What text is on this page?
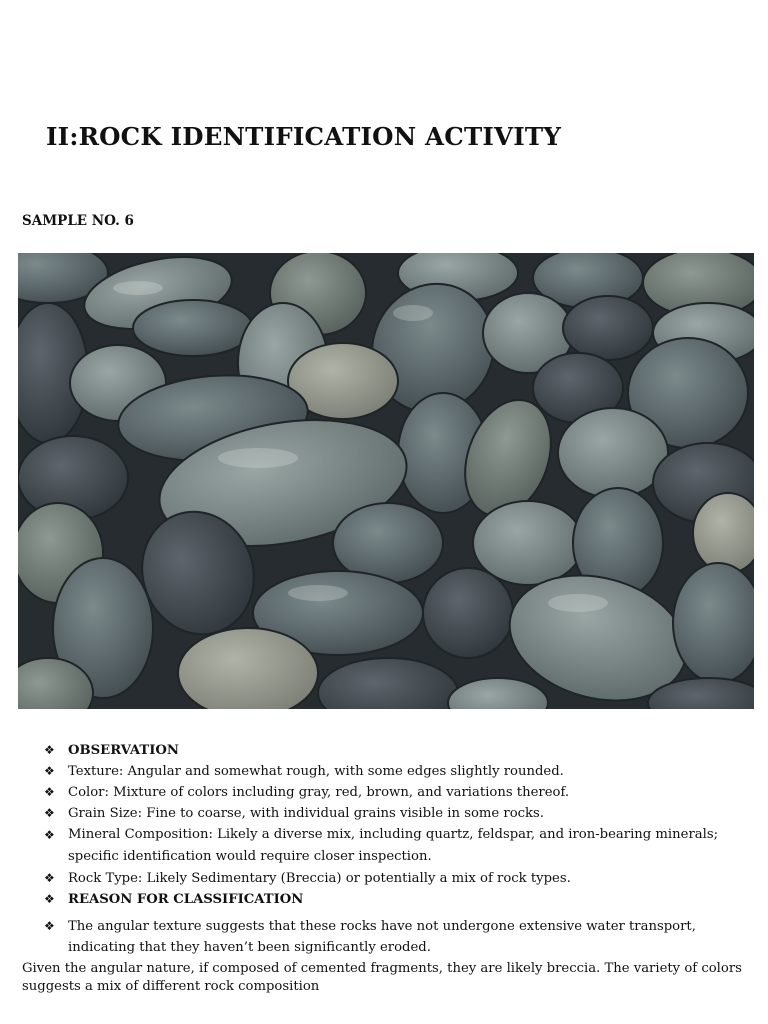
II:ROCK IDENTIFICATION ACTIVITY
SAMPLE NO. 6
❖ OBSERVATION
❖ Texture: Angular and somewhat rough, with some edges slightly rounded.
❖ Color: Mixture of colors including gray, red, brown, and variations thereof.
❖ Grain Size: Fine to coarse, with individual grains visible in some rocks.
❖ Mineral Composition: Likely a diverse mix, including quartz, feldspar, and iron-bearing minerals; specific identification would require closer inspection.
❖ Rock Type: Likely Sedimentary (Breccia) or potentially a mix of rock types.
❖ REASON FOR CLASSIFICATION
❖ The angular texture suggests that these rocks have not undergone extensive water transport, indicating that they haven’t been significantly eroded.
Given the angular nature, if composed of cemented fragments, they are likely breccia. The variety of colors suggests a mix of different rock composition
